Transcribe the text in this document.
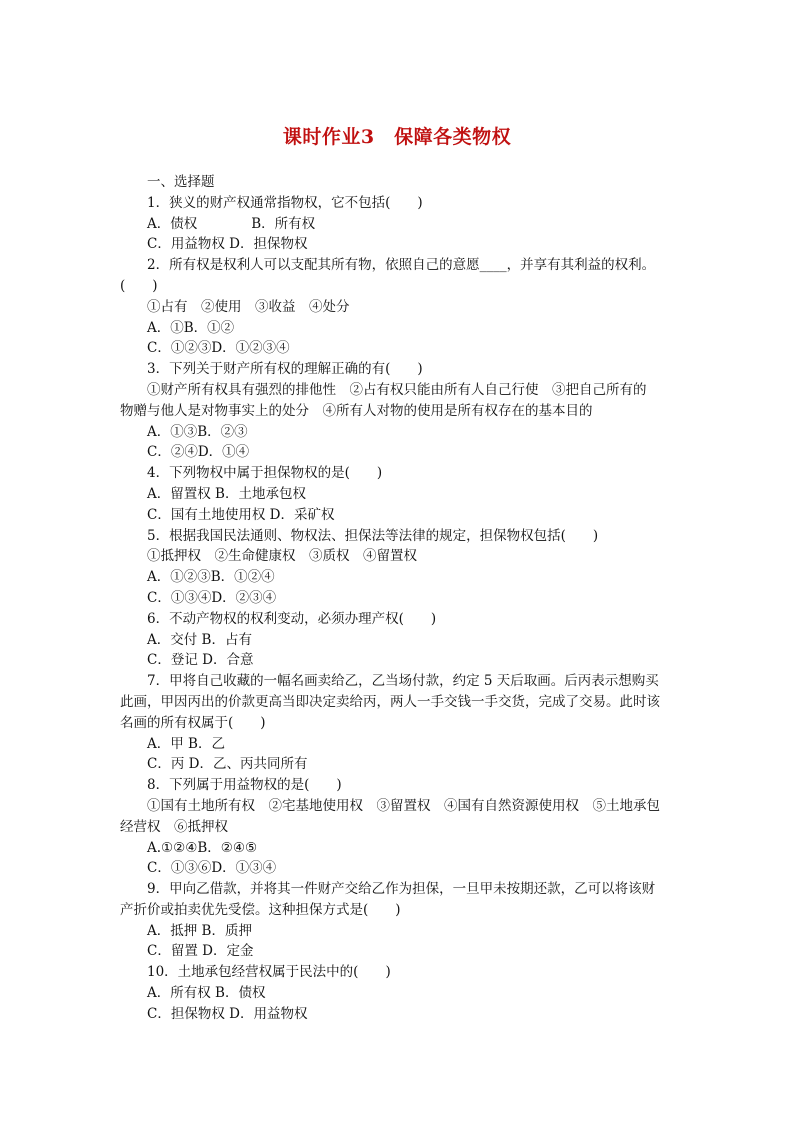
课时作业3　保障各类物权
一、选择题
1．狭义的财产权通常指物权，它不包括(　　)
A．债权　　　　B．所有权
C．用益物权 D．担保物权
2．所有权是权利人可以支配其所有物，依照自己的意愿____，并享有其利益的权利。
(　　)
①占有　②使用　③收益　④处分
A．①B．①②
C．①②③D．①②③④
3．下列关于财产所有权的理解正确的有(　　)
①财产所有权具有强烈的排他性　②占有权只能由所有人自己行使　③把自己所有的
物赠与他人是对物事实上的处分　④所有人对物的使用是所有权存在的基本目的
A．①③B．②③
C．②④D．①④
4．下列物权中属于担保物权的是(　　)
A．留置权 B．土地承包权
C．国有土地使用权 D．采矿权
5．根据我国民法通则、物权法、担保法等法律的规定，担保物权包括(　　)
①抵押权　②生命健康权　③质权　④留置权
A．①②③B．①②④
C．①③④D．②③④
6．不动产物权的权利变动，必须办理产权(　　)
A．交付 B．占有
C．登记 D．合意
7．甲将自己收藏的一幅名画卖给乙，乙当场付款，约定 5 天后取画。后丙表示想购买
此画，甲因丙出的价款更高当即决定卖给丙，两人一手交钱一手交货，完成了交易。此时该
名画的所有权属于(　　)
A．甲 B．乙
C．丙 D．乙、丙共同所有
8．下列属于用益物权的是(　　)
①国有土地所有权　②宅基地使用权　③留置权　④国有自然资源使用权　⑤土地承包
经营权　⑥抵押权
A.①②④B．②④⑤
C．①③⑥D．①③④
9．甲向乙借款，并将其一件财产交给乙作为担保，一旦甲未按期还款，乙可以将该财
产折价或拍卖优先受偿。这种担保方式是(　　)
A．抵押 B．质押
C．留置 D．定金
10．土地承包经营权属于民法中的(　　)
A．所有权 B．债权
C．担保物权 D．用益物权
